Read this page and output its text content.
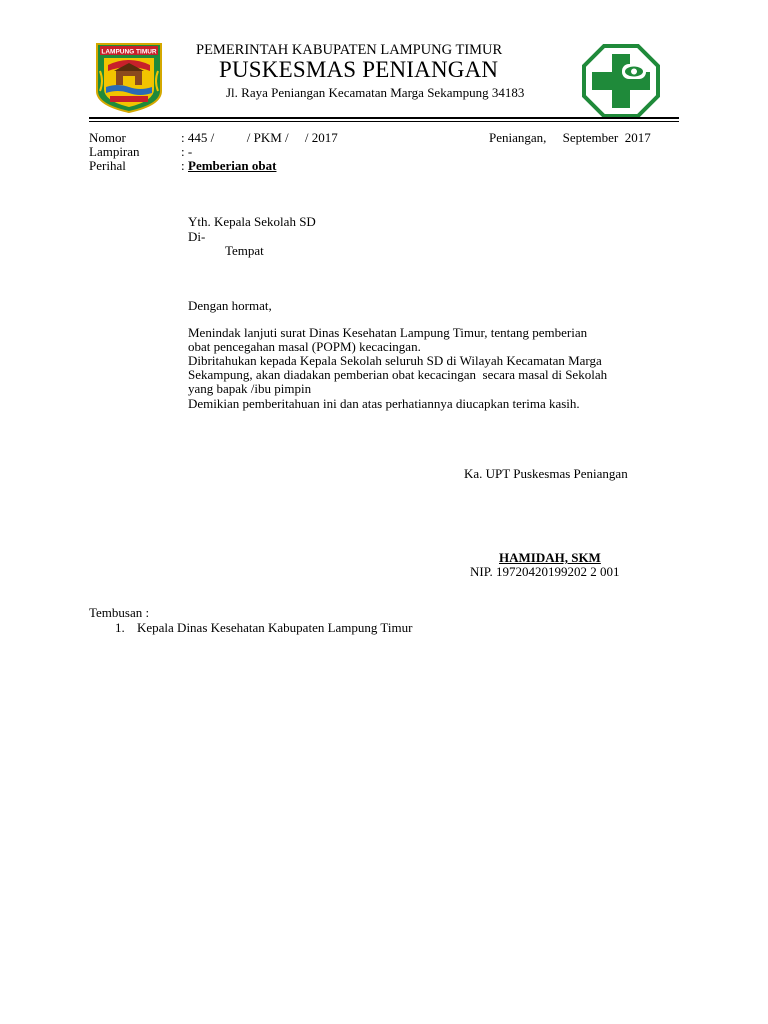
LAMPUNG TIMUR	PEMERINTAH KABUPATEN LAMPUNG TIMUR
PUSKESMAS PENIANGAN
Jl. Raya Peniangan Kecamatan Marga Sekampung 34183
Nomor	: 445 /          / PKM /     / 2017	Peniangan,     September  2017
Lampiran	: -
Perihal	: Pemberian obat
Yth. Kepala Sekolah SD
Di-
Tempat
Dengan hormat,
Menindak lanjuti surat Dinas Kesehatan Lampung Timur, tentang pemberian
obat pencegahan masal (POPM) kecacingan.
Dibritahukan kepada Kepala Sekolah seluruh SD di Wilayah Kecamatan Marga
Sekampung, akan diadakan pemberian obat kecacingan  secara masal di Sekolah
yang bapak /ibu pimpin
Demikian pemberitahuan ini dan atas perhatiannya diucapkan terima kasih.
Ka. UPT Puskesmas Peniangan
HAMIDAH, SKM
NIP. 19720420199202 2 001
Tembusan :
1. Kepala Dinas Kesehatan Kabupaten Lampung Timur
